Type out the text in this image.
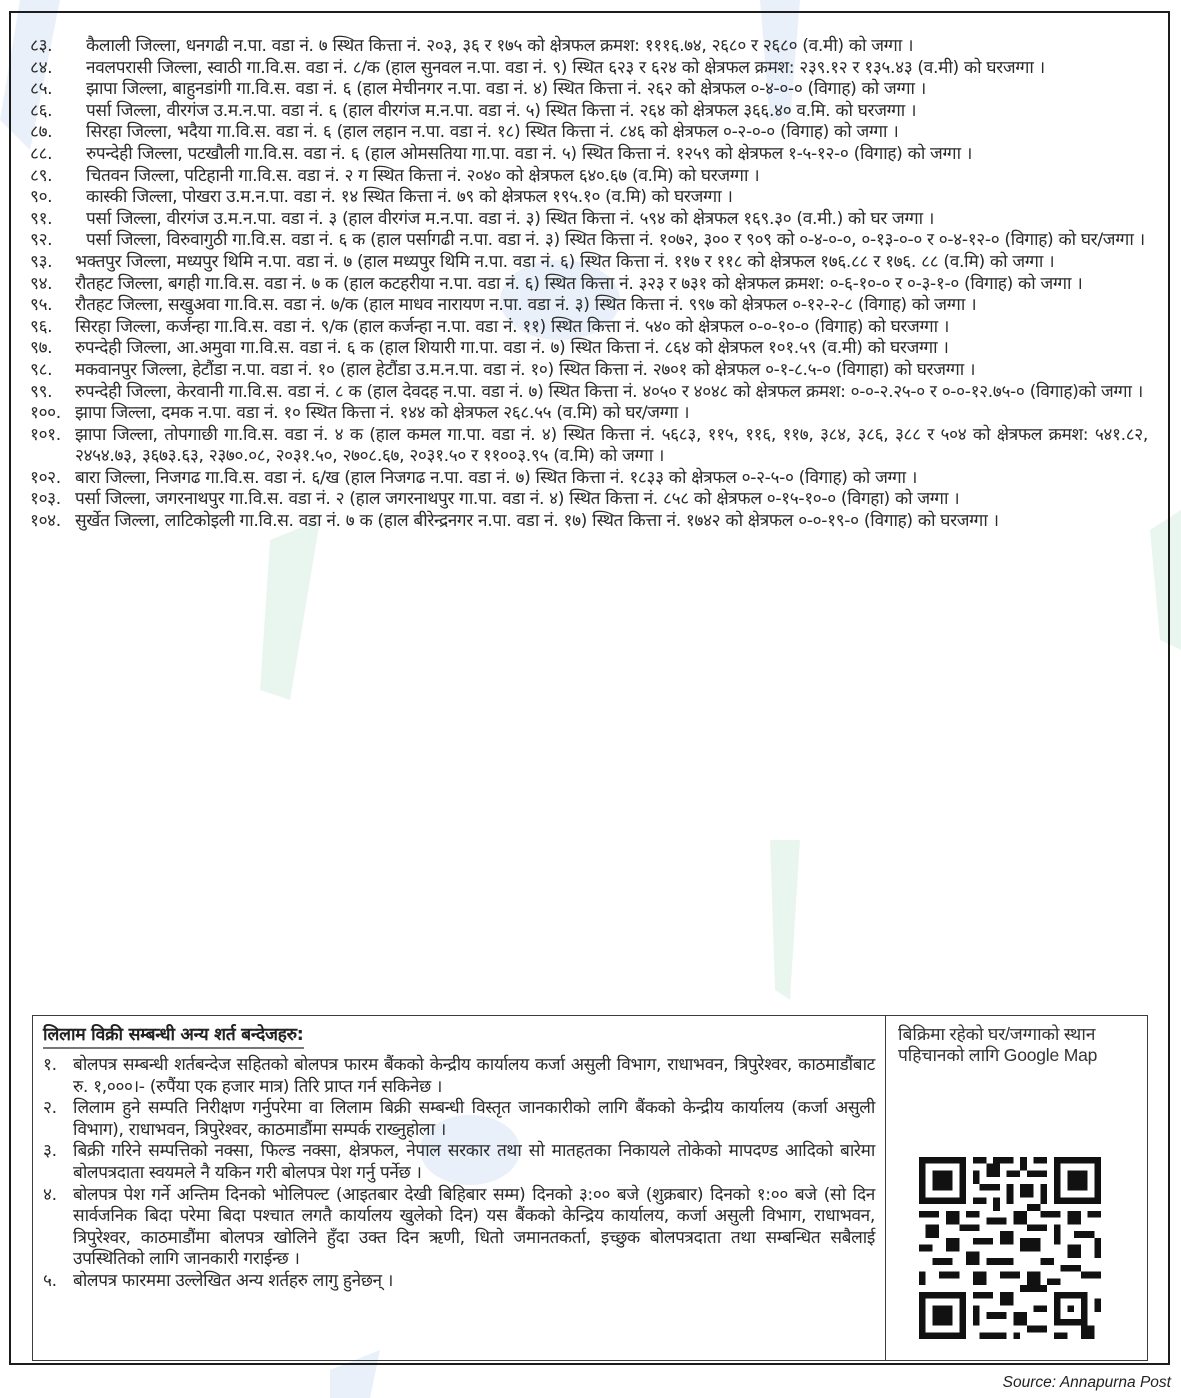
८३.	कैलाली जिल्ला, धनगढी न.पा. वडा नं. ७ स्थित कित्ता नं. २०३, ३६ र १७५ को क्षेत्रफल क्रमश: १११६.७४, २६८० र २६८० (व.मी) को जग्गा ।
८४.	नवलपरासी जिल्ला, स्वाठी गा.वि.स. वडा नं. ८/क (हाल सुनवल न.पा. वडा नं. ९) स्थित ६२३ र ६२४ को क्षेत्रफल क्रमश: २३९.१२ र १३५.४३ (व.मी) को घरजग्गा ।
८५.	झापा जिल्ला, बाहुनडांगी गा.वि.स. वडा नं. ६ (हाल मेचीनगर न.पा. वडा नं. ४) स्थित कित्ता नं. २६२ को क्षेत्रफल ०-४-०-० (विगाह) को जग्गा ।
८६.	पर्सा जिल्ला, वीरगंज उ.म.न.पा. वडा नं. ६ (हाल वीरगंज म.न.पा. वडा नं. ५) स्थित कित्ता नं. २६४ को क्षेत्रफल ३६६.४० व.मि. को घरजग्गा ।
८७.	सिरहा जिल्ला, भदैया गा.वि.स. वडा नं. ६ (हाल लहान न.पा. वडा नं. १८) स्थित कित्ता नं. ८४६ को क्षेत्रफल ०-२-०-० (विगाह) को जग्गा ।
८८.	रुपन्देही जिल्ला, पटखौली गा.वि.स. वडा नं. ६ (हाल ओमसतिया गा.पा. वडा नं. ५) स्थित कित्ता नं. १२५९ को क्षेत्रफल १-५-१२-० (विगाह) को जग्गा ।
८९.	चितवन जिल्ला, पटिहानी गा.वि.स. वडा नं. २ ग स्थित कित्ता नं. २०४० को क्षेत्रफल ६४०.६७ (व.मि) को घरजग्गा ।
९०.	कास्की जिल्ला, पोखरा उ.म.न.पा. वडा नं. १४ स्थित कित्ता नं. ७९ को क्षेत्रफल १९५.१० (व.मि) को घरजग्गा ।
९१.	पर्सा जिल्ला, वीरगंज उ.म.न.पा. वडा नं. ३ (हाल वीरगंज म.न.पा. वडा नं. ३) स्थित कित्ता नं. ५९४ को क्षेत्रफल १६९.३० (व.मी.) को घर जग्गा ।
९२.	पर्सा जिल्ला, विरुवागुठी गा.वि.स. वडा नं. ६ क (हाल पर्सागढी न.पा. वडा नं. ३) स्थित कित्ता नं. १०७२, ३०० र ९०९ को ०-४-०-०, ०-१३-०-० र ०-४-१२-० (विगाह) को घर/जग्गा ।
९३.	भक्तपुर जिल्ला, मध्यपुर थिमि न.पा. वडा नं. ७ (हाल मध्यपुर थिमि न.पा. वडा नं. ६) स्थित कित्ता नं. ११७ र ११८ को क्षेत्रफल १७६.८८ र १७६. ८८ (व.मि) को जग्गा ।
९४.	रौतहट जिल्ला, बगही गा.वि.स. वडा नं. ७ क (हाल कटहरीया न.पा. वडा नं. ६) स्थित कित्ता नं. ३२३ र ७३१ को क्षेत्रफल क्रमश: ०-६-१०-० र ०-३-१-० (विगाह) को जग्गा ।
९५.	रौतहट जिल्ला, सखुअवा गा.वि.स. वडा नं. ७/क (हाल माधव नारायण न.पा. वडा नं. ३) स्थित कित्ता नं. ९९७ को क्षेत्रफल ०-१२-२-८ (विगाह) को जग्गा ।
९६.	सिरहा जिल्ला, कर्जन्हा गा.वि.स. वडा नं. ९/क (हाल कर्जन्हा न.पा. वडा नं. ११) स्थित कित्ता नं. ५४० को क्षेत्रफल ०-०-१०-० (विगाह) को घरजग्गा ।
९७.	रुपन्देही जिल्ला, आ.अमुवा गा.वि.स. वडा नं. ६ क (हाल शियारी गा.पा. वडा नं. ७) स्थित कित्ता नं. ८६४ को क्षेत्रफल १०१.५९ (व.मी) को घरजग्गा ।
९८.	मकवानपुर जिल्ला, हेटौंडा न.पा. वडा नं. १० (हाल हेटौंडा उ.म.न.पा. वडा नं. १०) स्थित कित्ता नं. २७०१ को क्षेत्रफल ०-१-८.५-० (विगाहा) को घरजग्गा ।
९९.	रुपन्देही जिल्ला, केरवानी गा.वि.स. वडा नं. ८ क (हाल देवदह न.पा. वडा नं. ७) स्थित कित्ता नं. ४०५० र ४०४८ को क्षेत्रफल क्रमश: ०-०-२.२५-० र ०-०-१२.७५-० (विगाह)को जग्गा ।
१००. झापा जिल्ला, दमक न.पा. वडा नं. १० स्थित कित्ता नं. १४४ को क्षेत्रफल २६८.५५ (व.मि) को घर/जग्गा ।
१०१. झापा जिल्ला, तोपगाछी गा.वि.स. वडा नं. ४ क (हाल कमल गा.पा. वडा नं. ४) स्थित कित्ता नं. ५६८३, ११५, ११६, ११७, ३८४, ३८६, ३८८ र ५०४ को क्षेत्रफल क्रमश: ५४१.८२, २४५४.७३, ३६७३.६३, २३७०.०८, २०३१.५०, २७०८.६७, २०३१.५० र ११००३.९५ (व.मि) को जग्गा ।
१०२. बारा जिल्ला, निजगढ गा.वि.स. वडा नं. ६/ख (हाल निजगढ न.पा. वडा नं. ७) स्थित कित्ता नं. १८३३ को क्षेत्रफल ०-२-५-० (विगाह) को जग्गा ।
१०३. पर्सा जिल्ला, जगरनाथपुर गा.वि.स. वडा नं. २ (हाल जगरनाथपुर गा.पा. वडा नं. ४) स्थित कित्ता नं. ८५८ को क्षेत्रफल ०-१५-१०-० (विगहा) को जग्गा ।
१०४. सुर्खेत जिल्ला, लाटिकोइली गा.वि.स. वडा नं. ७ क (हाल बीरेन्द्रनगर न.पा. वडा नं. १७) स्थित कित्ता नं. १७४२ को क्षेत्रफल ०-०-१९-० (विगाह) को घरजग्गा ।
लिलाम विक्री सम्बन्धी अन्य शर्त बन्देजहरु:
१. बोलपत्र सम्बन्धी शर्तबन्देज सहितको बोलपत्र फारम बैंकको केन्द्रीय कार्यालय कर्जा असुली विभाग, राधाभवन, त्रिपुरेश्वर, काठमाडौंबाट रु. १,०००।- (रुपैंया एक हजार मात्र) तिरि प्राप्त गर्न सकिनेछ ।
२. लिलाम हुने सम्पति निरीक्षण गर्नुपरेमा वा लिलाम बिक्री सम्बन्धी विस्तृत जानकारीको लागि बैंकको केन्द्रीय कार्यालय (कर्जा असुली विभाग), राधाभवन, त्रिपुरेश्वर, काठमाडौंमा सम्पर्क राख्नुहोला ।
३. बिक्री गरिने सम्पत्तिको नक्सा, फिल्ड नक्सा, क्षेत्रफल, नेपाल सरकार तथा सो मातहतका निकायले तोकेको मापदण्ड आदिको बारेमा बोलपत्रदाता स्वयमले नै यकिन गरी बोलपत्र पेश गर्नु पर्नेछ ।
४. बोलपत्र पेश गर्ने अन्तिम दिनको भोलिपल्ट (आइतबार देखी बिहिबार सम्म) दिनको ३:०० बजे (शुक्रबार) दिनको १:०० बजे (सो दिन सार्वजनिक बिदा परेमा बिदा पश्चात लगतै कार्यालय खुलेको दिन) यस बैंकको केन्द्रिय कार्यालय, कर्जा असुली विभाग, राधाभवन, त्रिपुरेश्वर, काठमाडौंमा बोलपत्र खोलिने हुँदा उक्त दिन ऋणी, धितो जमानतकर्ता, इच्छुक बोलपत्रदाता तथा सम्बन्धित सबैलाई उपस्थितिको लागि जानकारी गराईन्छ ।
५. बोलपत्र फारममा उल्लेखित अन्य शर्तहरु लागु हुनेछन् ।
बिक्रिमा रहेको घर/जग्गाको स्थान पहिचानको लागि Google Map
Source: Annapurna Post
